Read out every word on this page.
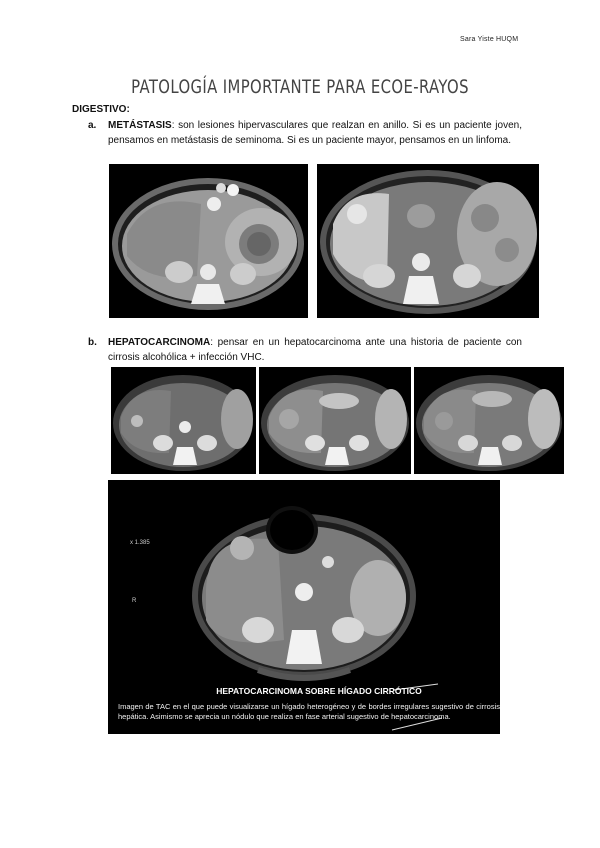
Sara Yiste HUQM
PATOLOGÍA IMPORTANTE PARA ECOE-RAYOS
DIGESTIVO:
a. METÁSTASIS: son lesiones hipervasculares que realzan en anillo. Si es un paciente joven, pensamos en metástasis de seminoma. Si es un paciente mayor, pensamos en un linfoma.
b. HEPATOCARCINOMA: pensar en un hepatocarcinoma ante una historia de paciente con cirrosis alcohólica + infección VHC.
x 1.385
R
HEPATOCARCINOMA SOBRE HÍGADO CIRRÓTICO
Imagen de TAC en el que puede visualizarse un hígado heterogéneo y de bordes irregulares sugestivo de cirrosis hepática. Asimismo se aprecia un nódulo que realiza en fase arterial sugestivo de hepatocarcinoma.
